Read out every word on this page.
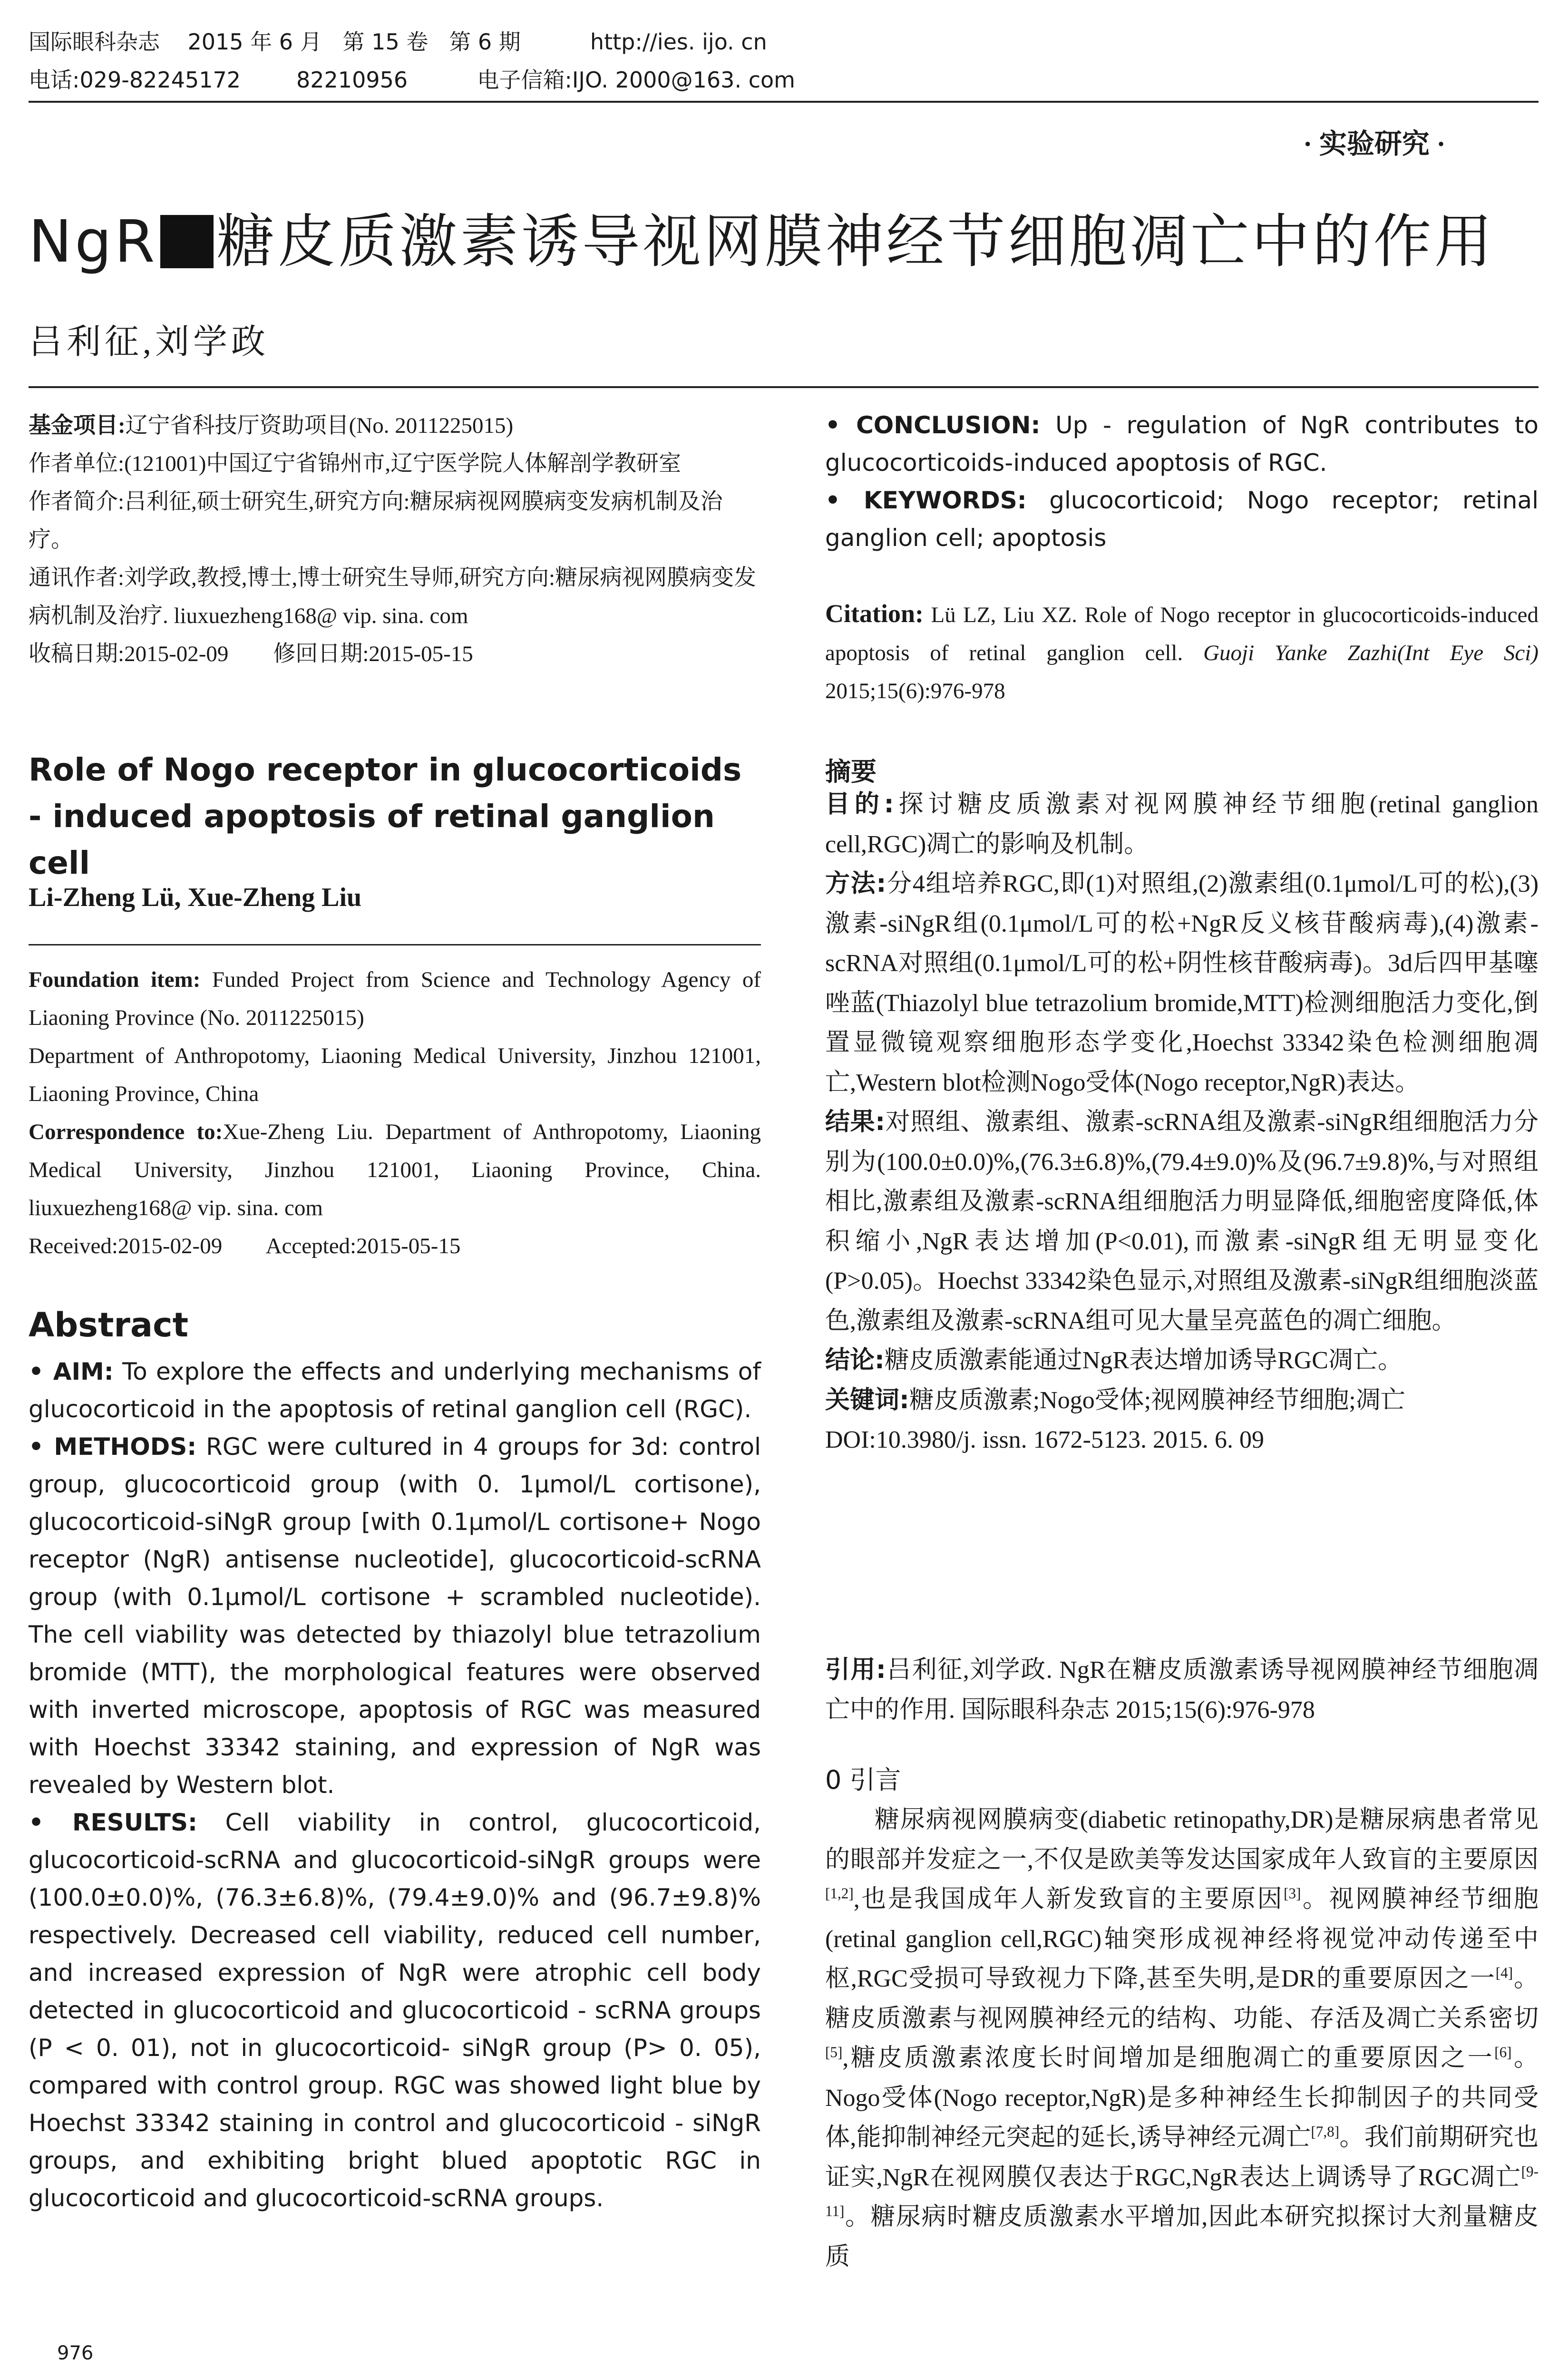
国际眼科杂志    2015 年 6 月   第 15 卷   第 6 期          http://ies. ijo. cn
电话:029-82245172        82210956          电子信箱:IJO. 2000@163. com
· 实验研究 ·
NgR 糖皮质激素诱导视网膜神经节细胞凋亡中的作用
吕利征,刘学政

基金项目:辽宁省科技厅资助项目(No. 2011225015)

作者单位:(121001)中国辽宁省锦州市,辽宁医学院人体解剖学教研室

作者简介:吕利征,硕士研究生,研究方向:糖尿病视网膜病变发病机制及治疗。

通讯作者:刘学政,教授,博士,博士研究生导师,研究方向:糖尿病视网膜病变发病机制及治疗. liuxuezheng168@ vip. sina. com

收稿日期:2015-02-09        修回日期:2015-05-15

Role of Nogo receptor in glucocorticoids - induced apoptosis of retinal ganglion cell
Li-Zheng Lü, Xue-Zheng Liu

Foundation item: Funded Project from Science and Technology Agency of Liaoning Province (No. 2011225015)

Department of Anthropotomy, Liaoning Medical University, Jinzhou 121001, Liaoning Province, China

Correspondence to:Xue-Zheng Liu. Department of Anthropotomy, Liaoning Medical University, Jinzhou 121001, Liaoning Province, China. liuxuezheng168@ vip. sina. com

Received:2015-02-09        Accepted:2015-05-15

Abstract

• AIM: To explore the effects and underlying mechanisms of glucocorticoid in the apoptosis of retinal ganglion cell (RGC).

• METHODS: RGC were cultured in 4 groups for 3d: control group, glucocorticoid group (with 0. 1μmol/L cortisone), glucocorticoid-siNgR group [with 0.1μmol/L cortisone+ Nogo receptor (NgR) antisense nucleotide], glucocorticoid-scRNA group (with 0.1μmol/L cortisone + scrambled nucleotide). The cell viability was detected by thiazolyl blue tetrazolium bromide (MTT), the morphological features were observed with inverted microscope, apoptosis of RGC was measured with Hoechst 33342 staining, and expression of NgR was revealed by Western blot.

• RESULTS: Cell viability in control, glucocorticoid, glucocorticoid-scRNA and glucocorticoid-siNgR groups were (100.0±0.0)%, (76.3±6.8)%, (79.4±9.0)% and (96.7±9.8)% respectively. Decreased cell viability, reduced cell number, and increased expression of NgR were atrophic cell body detected in glucocorticoid and glucocorticoid - scRNA groups (P < 0. 01), not in glucocorticoid- siNgR group (P> 0. 05), compared with control group. RGC was showed light blue by Hoechst 33342 staining in control and glucocorticoid - siNgR groups, and exhibiting bright blued apoptotic RGC in glucocorticoid and glucocorticoid-scRNA groups.

976

• CONCLUSION: Up - regulation of NgR contributes to glucocorticoids-induced apoptosis of RGC.

• KEYWORDS: glucocorticoid; Nogo receptor; retinal ganglion cell; apoptosis

Citation: Lü LZ, Liu XZ. Role of Nogo receptor in glucocorticoids-induced apoptosis of retinal ganglion cell. Guoji Yanke Zazhi(Int Eye Sci) 2015;15(6):976-978
摘要

目的:探讨糖皮质激素对视网膜神经节细胞(retinal ganglion cell,RGC)凋亡的影响及机制。

方法:分4组培养RGC,即(1)对照组,(2)激素组(0.1μmol/L可的松),(3)激素-siNgR组(0.1μmol/L可的松+NgR反义核苷酸病毒),(4)激素-scRNA对照组(0.1μmol/L可的松+阴性核苷酸病毒)。3d后四甲基噻唑蓝(Thiazolyl blue tetrazolium bromide,MTT)检测细胞活力变化,倒置显微镜观察细胞形态学变化,Hoechst 33342染色检测细胞凋亡,Western blot检测Nogo受体(Nogo receptor,NgR)表达。

结果:对照组、激素组、激素-scRNA组及激素-siNgR组细胞活力分别为(100.0±0.0)%,(76.3±6.8)%,(79.4±9.0)%及(96.7±9.8)%,与对照组相比,激素组及激素-scRNA组细胞活力明显降低,细胞密度降低,体积缩小,NgR表达增加(P<0.01),而激素-siNgR组无明显变化(P>0.05)。Hoechst 33342染色显示,对照组及激素-siNgR组细胞淡蓝色,激素组及激素-scRNA组可见大量呈亮蓝色的凋亡细胞。

结论:糖皮质激素能通过NgR表达增加诱导RGC凋亡。

关键词:糖皮质激素;Nogo受体;视网膜神经节细胞;凋亡

DOI:10.3980/j. issn. 1672-5123. 2015. 6. 09

引用:吕利征,刘学政. NgR在糖皮质激素诱导视网膜神经节细胞凋亡中的作用. 国际眼科杂志 2015;15(6):976-978
0 引言
糖尿病视网膜病变(diabetic retinopathy,DR)是糖尿病患者常见的眼部并发症之一,不仅是欧美等发达国家成年人致盲的主要原因[1,2],也是我国成年人新发致盲的主要原因[3]。视网膜神经节细胞(retinal ganglion cell,RGC)轴突形成视神经将视觉冲动传递至中枢,RGC受损可导致视力下降,甚至失明,是DR的重要原因之一[4]。糖皮质激素与视网膜神经元的结构、功能、存活及凋亡关系密切[5],糖皮质激素浓度长时间增加是细胞凋亡的重要原因之一[6]。Nogo受体(Nogo receptor,NgR)是多种神经生长抑制因子的共同受体,能抑制神经元突起的延长,诱导神经元凋亡[7,8]。我们前期研究也证实,NgR在视网膜仅表达于RGC,NgR表达上调诱导了RGC凋亡[9-11]。糖尿病时糖皮质激素水平增加,因此本研究拟探讨大剂量糖皮质
